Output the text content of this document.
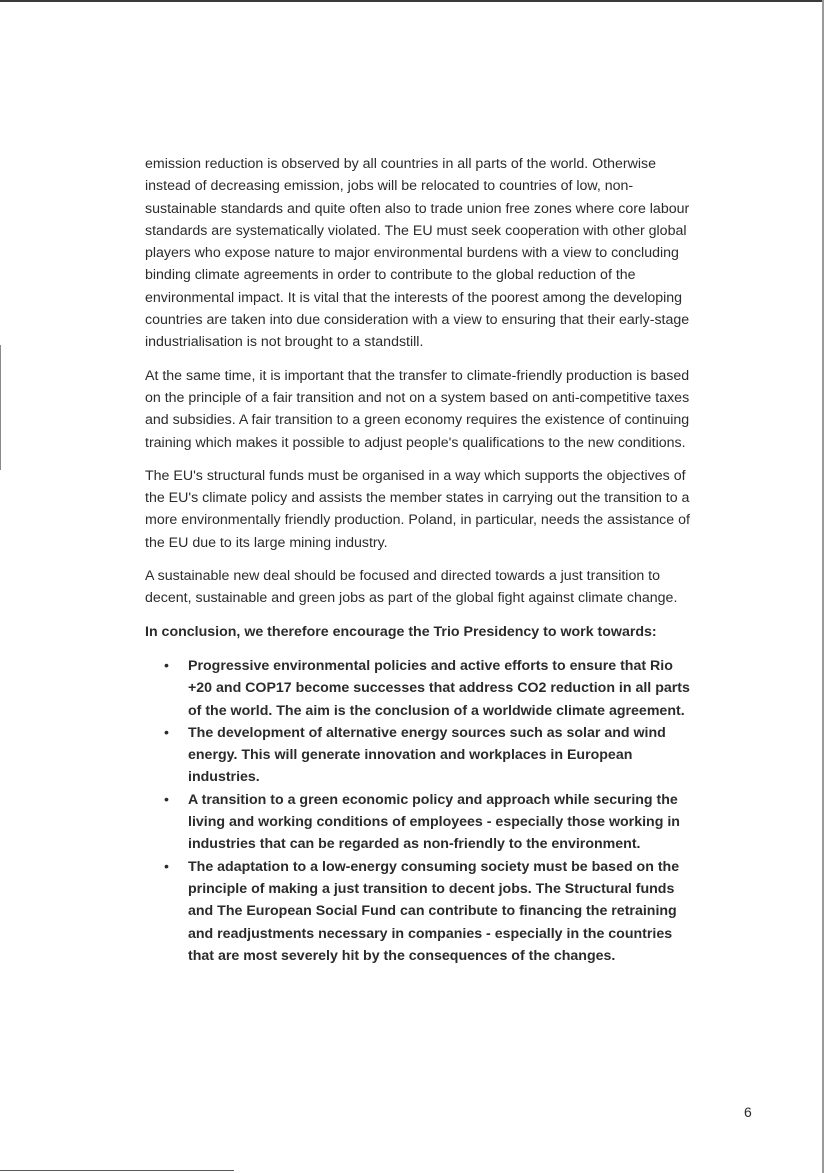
emission reduction is observed by all countries in all parts of the world. Otherwise instead of decreasing emission, jobs will be relocated to countries of low, non-sustainable standards and quite often also to trade union free zones where core labour standards are systematically violated. The EU must seek cooperation with other global players who expose nature to major environmental burdens with a view to concluding binding climate agreements in order to contribute to the global reduction of the environmental impact. It is vital that the interests of the poorest among the developing countries are taken into due consideration with a view to ensuring that their early-stage industrialisation is not brought to a standstill.

At the same time, it is important that the transfer to climate-friendly production is based on the principle of a fair transition and not on a system based on anti-competitive taxes and subsidies. A fair transition to a green economy requires the existence of continuing training which makes it possible to adjust people's qualifications to the new conditions.

The EU's structural funds must be organised in a way which supports the objectives of the EU's climate policy and assists the member states in carrying out the transition to a more environmentally friendly production. Poland, in particular, needs the assistance of the EU due to its large mining industry.

A sustainable new deal should be focused and directed towards a just transition to decent, sustainable and green jobs as part of the global fight against climate change.

In conclusion, we therefore encourage the Trio Presidency to work towards:

• Progressive environmental policies and active efforts to ensure that Rio +20 and COP17 become successes that address CO2 reduction in all parts of the world. The aim is the conclusion of a worldwide climate agreement.
• The development of alternative energy sources such as solar and wind energy. This will generate innovation and workplaces in European industries.
• A transition to a green economic policy and approach while securing the living and working conditions of employees - especially those working in industries that can be regarded as non-friendly to the environment.
• The adaptation to a low-energy consuming society must be based on the principle of making a just transition to decent jobs. The Structural funds and The European Social Fund can contribute to financing the retraining and readjustments necessary in companies - especially in the countries that are most severely hit by the consequences of the changes.
6
